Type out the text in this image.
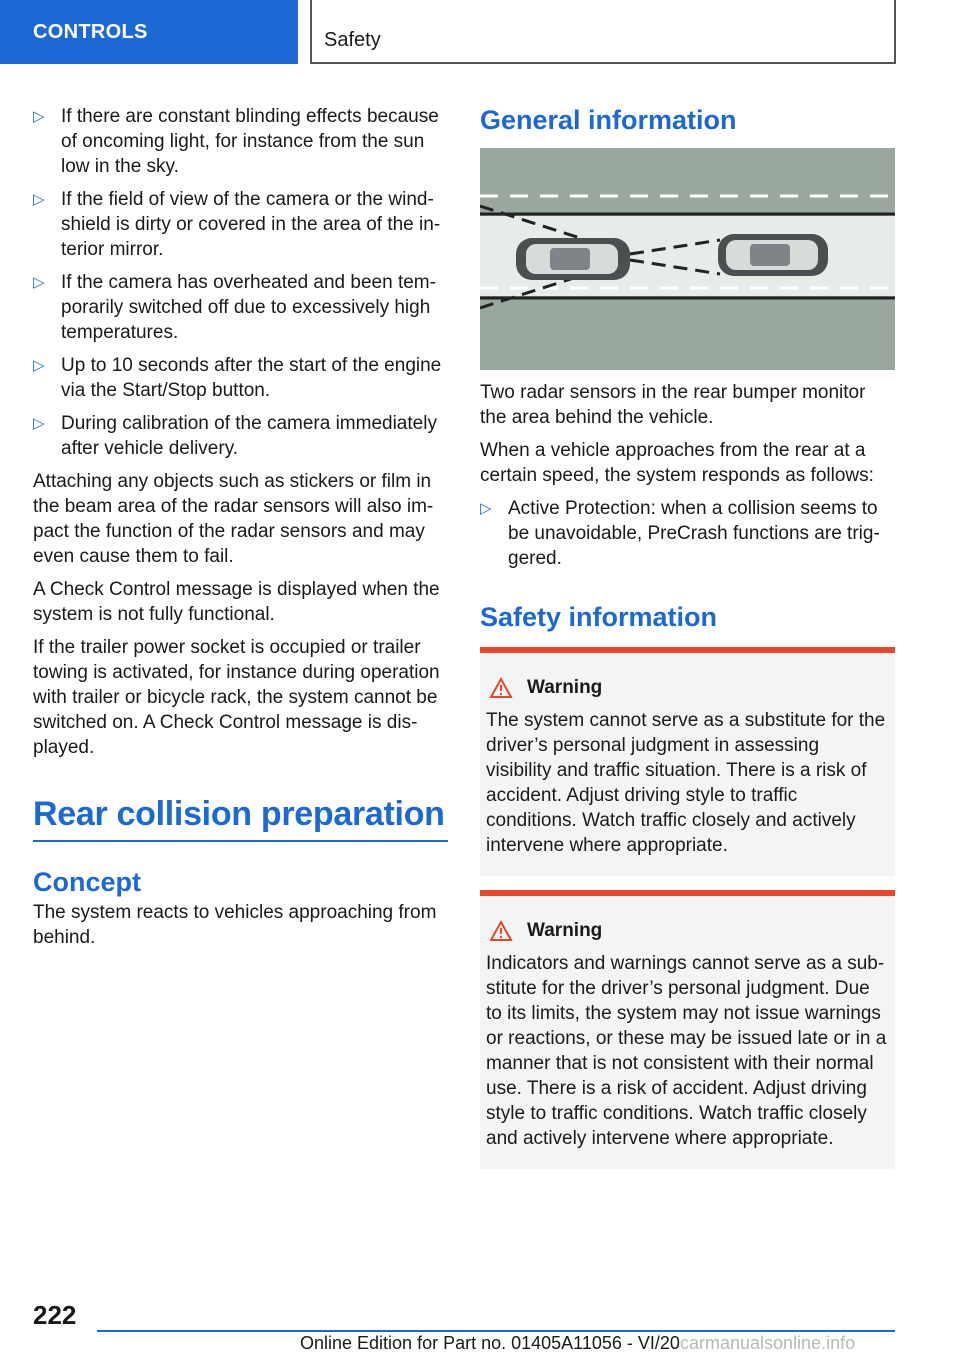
CONTROLS	Safety
▷ If there are constant blinding effects because of oncoming light, for instance from the sun low in the sky.
▷ If the field of view of the camera or the windshield is dirty or covered in the area of the interior mirror.
▷ If the camera has overheated and been temporarily switched off due to excessively high temperatures.
▷ Up to 10 seconds after the start of the engine via the Start/Stop button.
▷ During calibration of the camera immediately after vehicle delivery.

Attaching any objects such as stickers or film in the beam area of the radar sensors will also impact the function of the radar sensors and may even cause them to fail.

A Check Control message is displayed when the system is not fully functional.

If the trailer power socket is occupied or trailer towing is activated, for instance during operation with trailer or bicycle rack, the system cannot be switched on. A Check Control message is displayed.

Rear collision preparation
Concept

The system reacts to vehicles approaching from behind.

General information

Two radar sensors in the rear bumper monitor the area behind the vehicle.

When a vehicle approaches from the rear at a certain speed, the system responds as follows:

▷ Active Protection: when a collision seems to be unavoidable, PreCrash functions are triggered.
Safety information
Warning
The system cannot serve as a substitute for the driver’s personal judgment in assessing visibility and traffic situation. There is a risk of accident. Adjust driving style to traffic conditions. Watch traffic closely and actively intervene where appropriate.
Warning
Indicators and warnings cannot serve as a substitute for the driver’s personal judgment. Due to its limits, the system may not issue warnings or reactions, or these may be issued late or in a manner that is not consistent with their normal use. There is a risk of accident. Adjust driving style to traffic conditions. Watch traffic closely and actively intervene where appropriate.
222
Online Edition for Part no. 01405A11056 - VI/20 carmanualsonline.info
